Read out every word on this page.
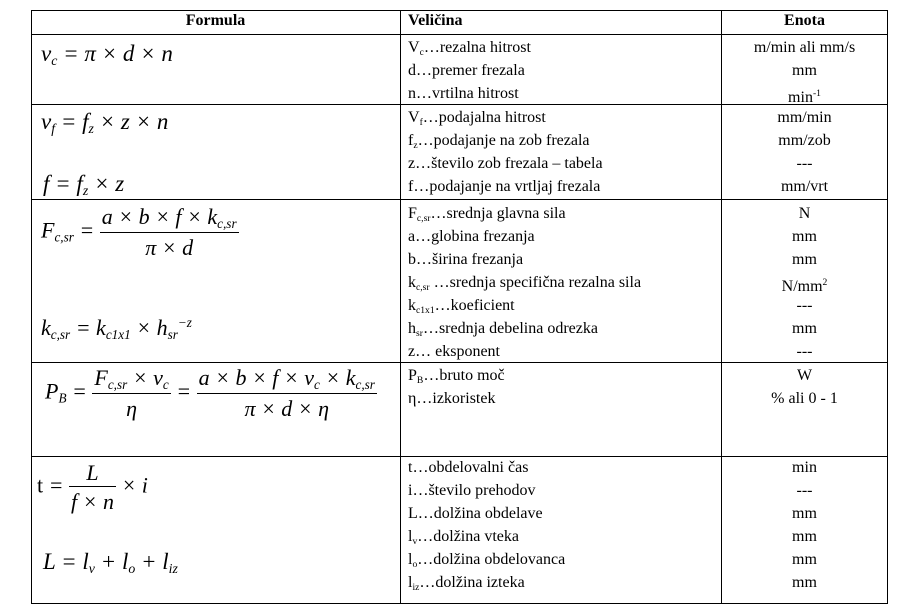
Formula	Veličina	Enota
$v_c = \pi \times d \times n$
$v_f = f_z \times z \times n$
$f = f_z \times z$
$F_{c,sr} = \frac{a \times b \times f \times k_{c,sr}}{\pi \times d}$
$k_{c,sr} = k_{c1x1} \times h_{sr}^{-z}$
$P_B = \frac{F_{c,sr} \times v_c}{\eta} = \frac{a \times b \times f \times v_c \times k_{c,sr}}{\pi \times d \times \eta}$
$t = \frac{L}{f \times n} \times i$
$L = l_v + l_o + l_{iz}$
$V_c\dots rezalna$ hitrost
d…premer frezala
n…vrtilna hitrost
m/min ali mm/s
mm
$\min^{-1}$
$V_f\dots podajalna$ hitrost
$f_z\dots podajanje$ na zob frezala
z…število zob frezala – tabela
f…podajanje na vrtljaj frezala
mm/min
mm/zob
---
mm/vrt
$F_{c,sr}\dots srednja$ glavna sila
a…globina frezanja
b…širina frezanja
$k_{c,sr}$ …srednja specifična rezalna sila
$k_{c1x1}\dots koeficient$
$h_{sr}\dots srednja$ debelina odrezka
z… eksponent
N
mm
mm
$N/mm^2$
---
mm
---
$P_B\dots bruto$ moč
η…izkoristek
W
% ali 0 - 1
t…obdelovalni čas
i…število prehodov
L…dolžina obdelave
$l_v\dots dolžina$ vteka
$l_o\dots dolžina$ obdelovanca
$l_{iz}\dots dolžina$ izteka
min
---
mm
mm
mm
mm
